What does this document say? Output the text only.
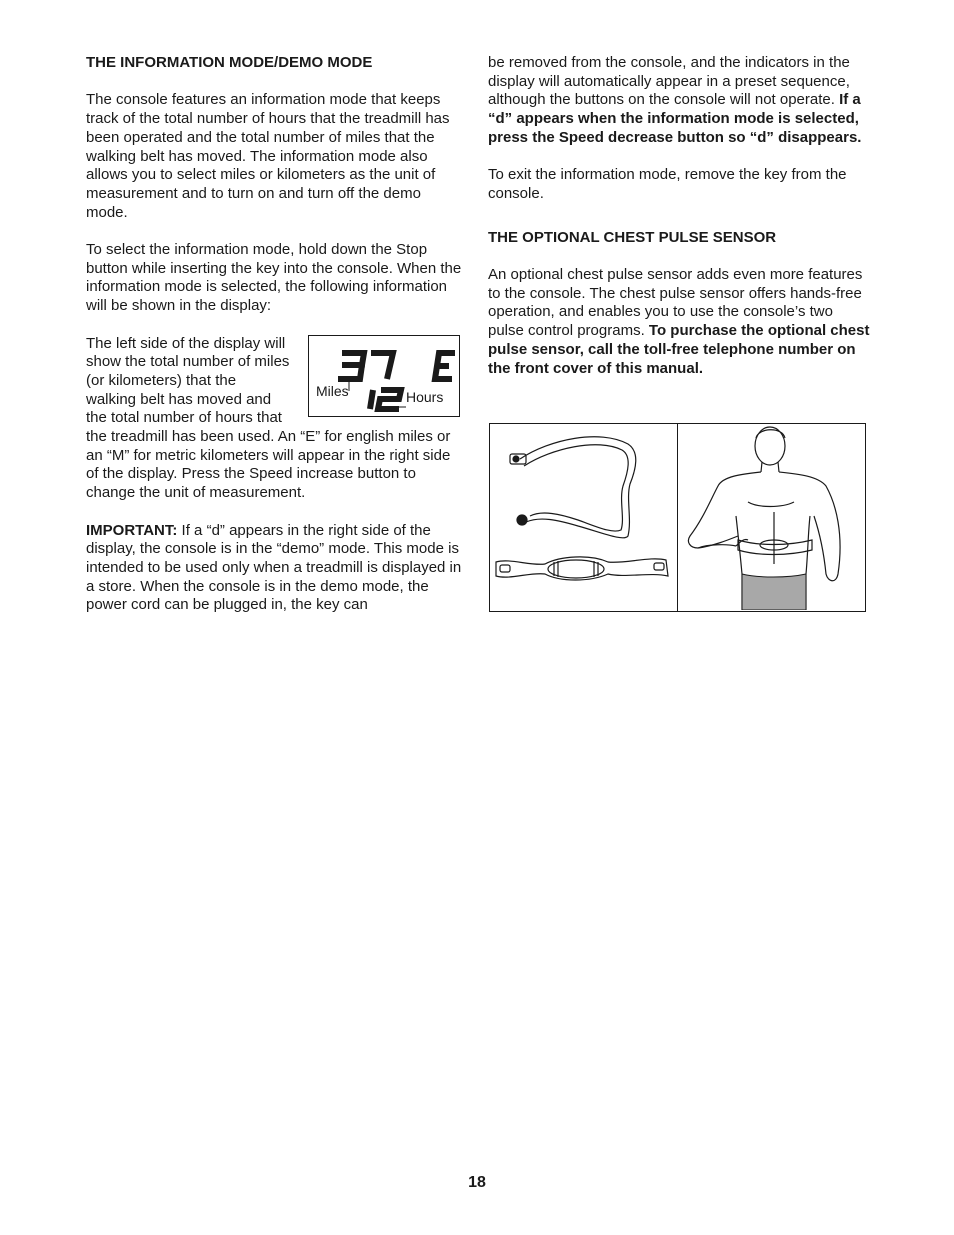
THE INFORMATION MODE/DEMO MODE

The console features an information mode that keeps track of the total number of hours that the treadmill has been operated and the total number of miles that the walking belt has moved. The information mode also allows you to select miles or kilometers as the unit of measurement and to turn on and turn off the demo mode.

To select the information mode, hold down the Stop button while inserting the key into the console. When the information mode is selected, the following information will be shown in the display:

Miles	Hours

The left side of the display will show the total number of miles (or kilometers) that the walking belt has moved and the total number of hours that the treadmill has been used. An “E” for english miles or an “M” for metric kilometers will appear in the right side of the display. Press the Speed increase button to change the unit of measurement.

IMPORTANT: If a “d” appears in the right side of the display, the console is in the “demo” mode. This mode is intended to be used only when a treadmill is displayed in a store. When the console is in the demo mode, the power cord can be plugged in, the key can

be removed from the console, and the indicators in the display will automatically appear in a preset sequence, although the buttons on the console will not operate. If a “d” appears when the information mode is selected, press the Speed decrease button so “d” disappears.

To exit the information mode, remove the key from the console.

THE OPTIONAL CHEST PULSE SENSOR

An optional chest pulse sensor adds even more features to the console. The chest pulse sensor offers hands-free operation, and enables you to use the console’s two pulse control programs. To purchase the optional chest pulse sensor, call the toll-free telephone number on the front cover of this manual.

18
